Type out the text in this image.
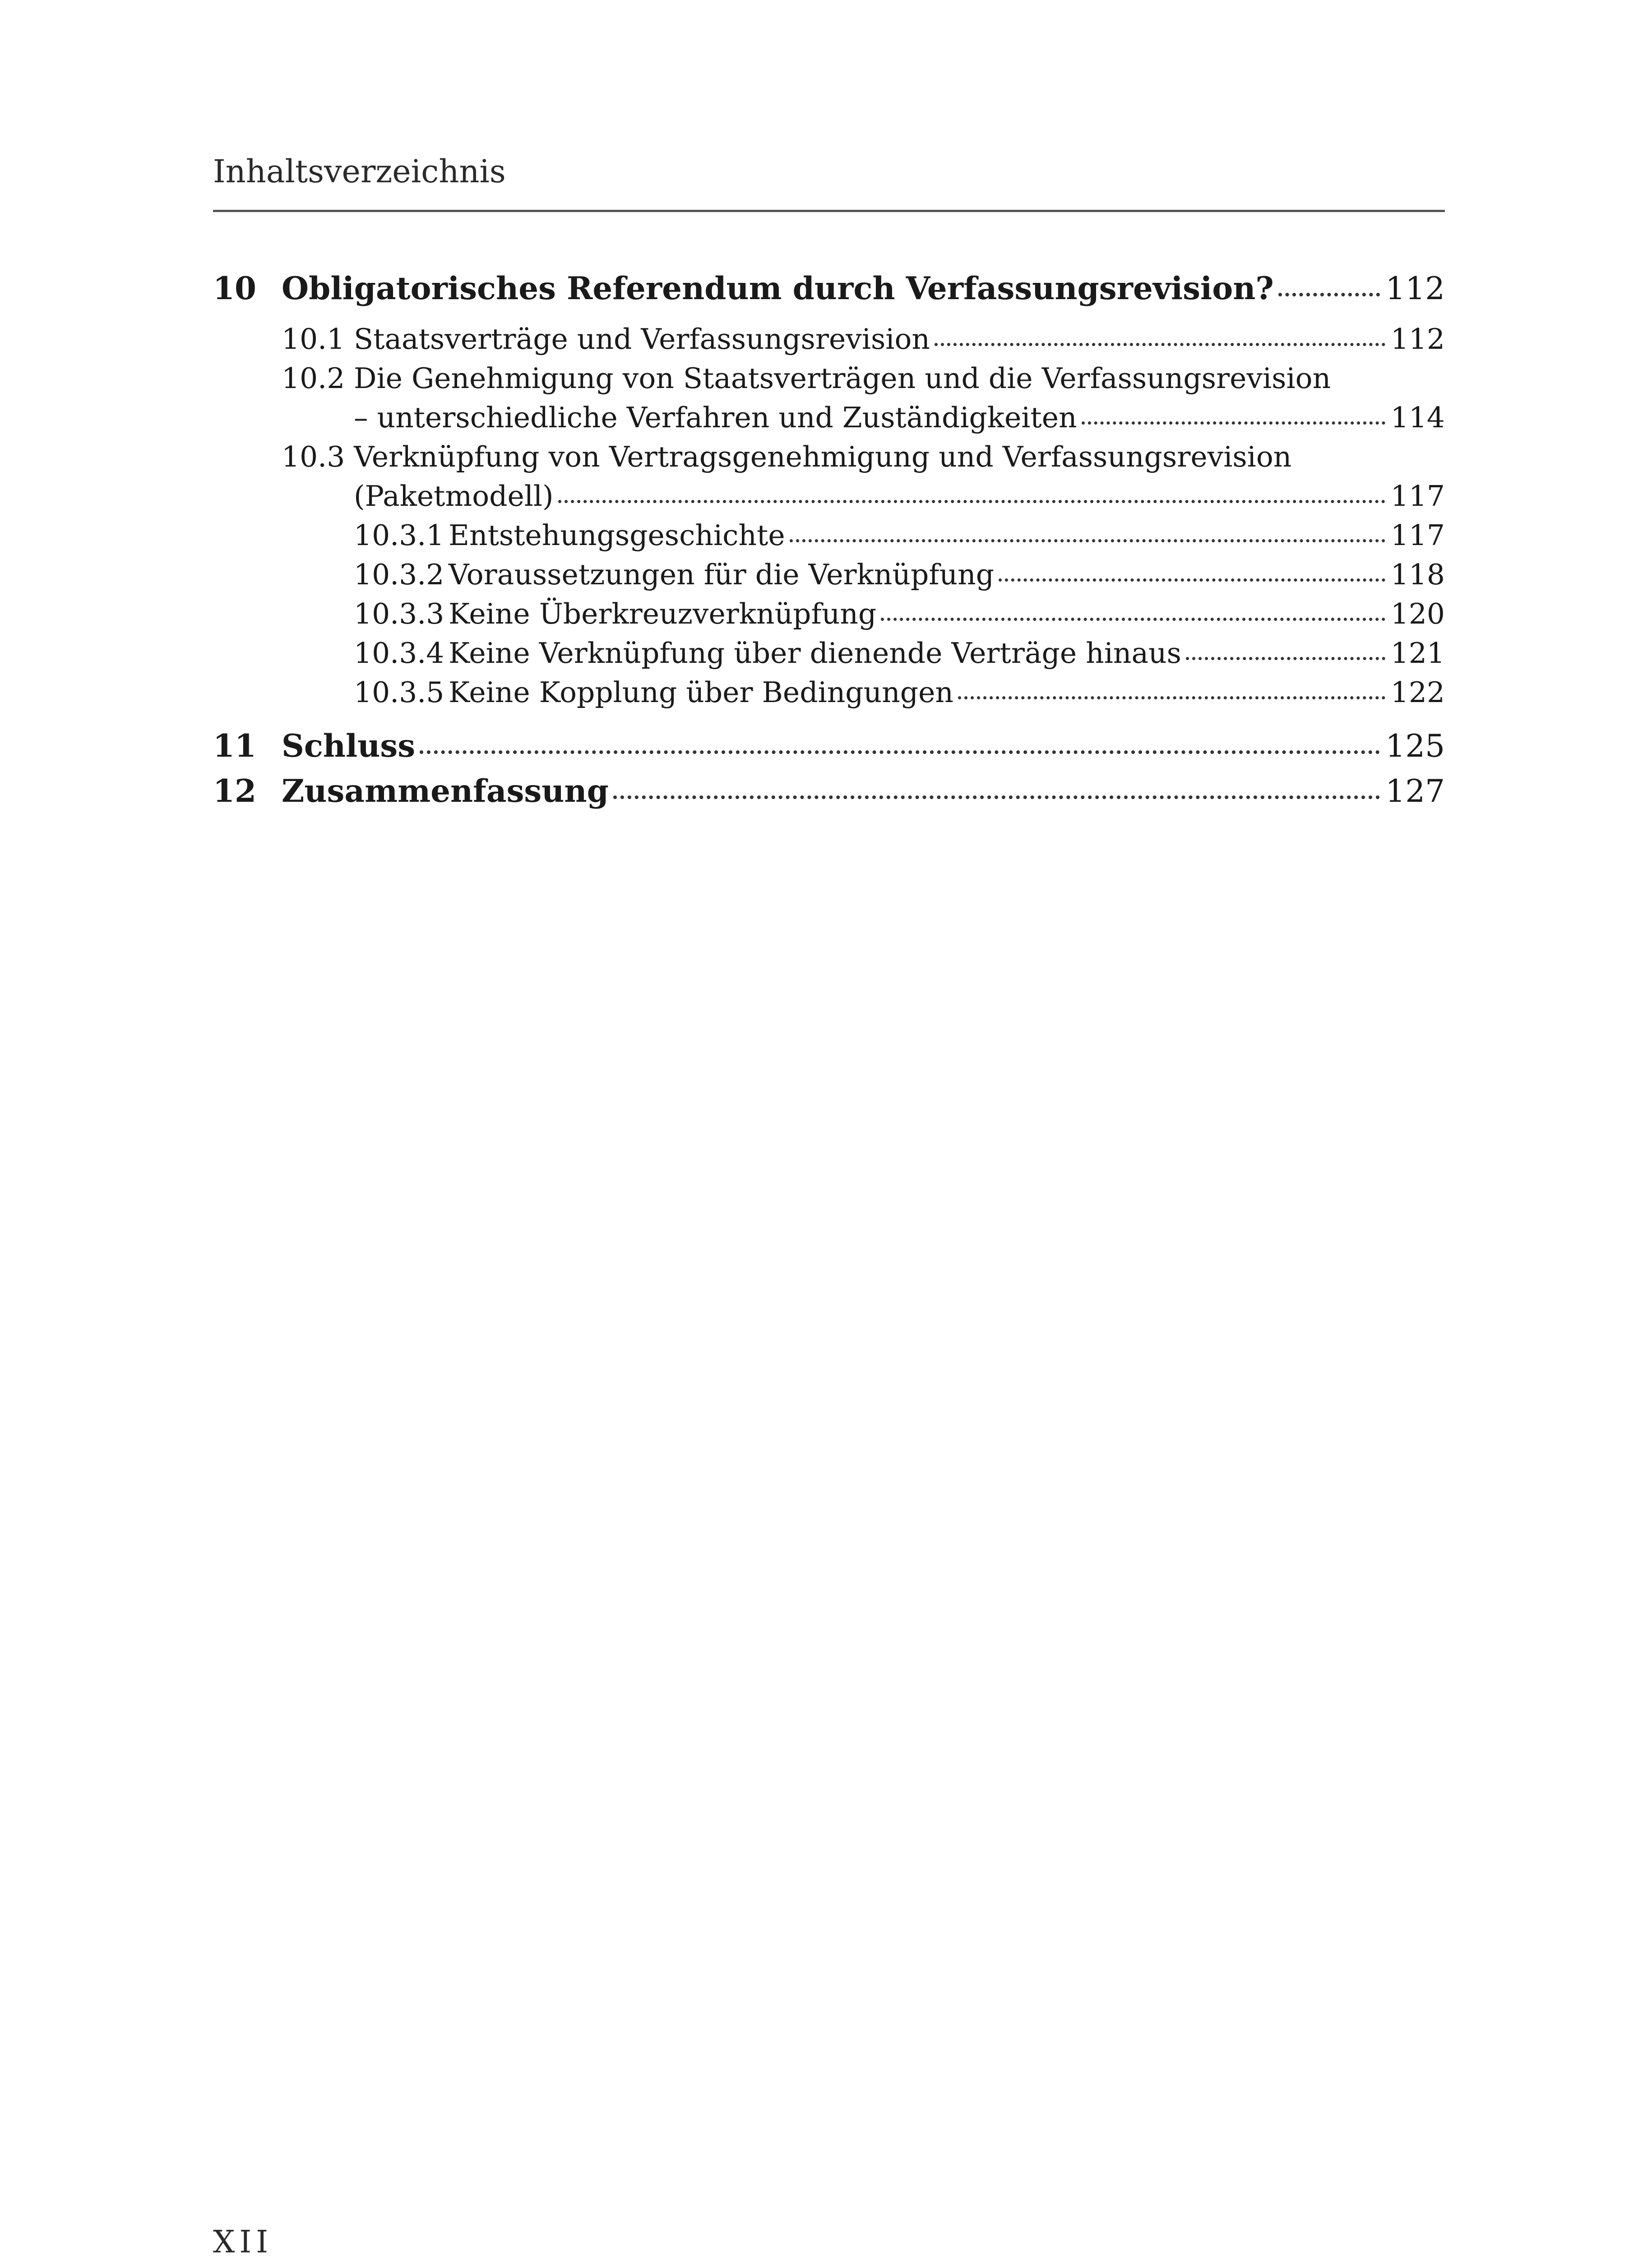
Inhaltsverzeichnis
10 Obligatorisches Referendum durch Verfassungsrevision?	112
10.1 Staatsverträge und Verfassungsrevision	112
10.2 Die Genehmigung von Staatsverträgen und die Verfassungsrevision
– unterschiedliche Verfahren und Zuständigkeiten	114
10.3 Verknüpfung von Vertragsgenehmigung und Verfassungsrevision
(Paketmodell)	117
10.3.1 Entstehungsgeschichte	117
10.3.2 Voraussetzungen für die Verknüpfung	118
10.3.3 Keine Überkreuzverknüpfung	120
10.3.4 Keine Verknüpfung über dienende Verträge hinaus	121
10.3.5 Keine Kopplung über Bedingungen	122
11 Schluss	125
12 Zusammenfassung	127
XII
